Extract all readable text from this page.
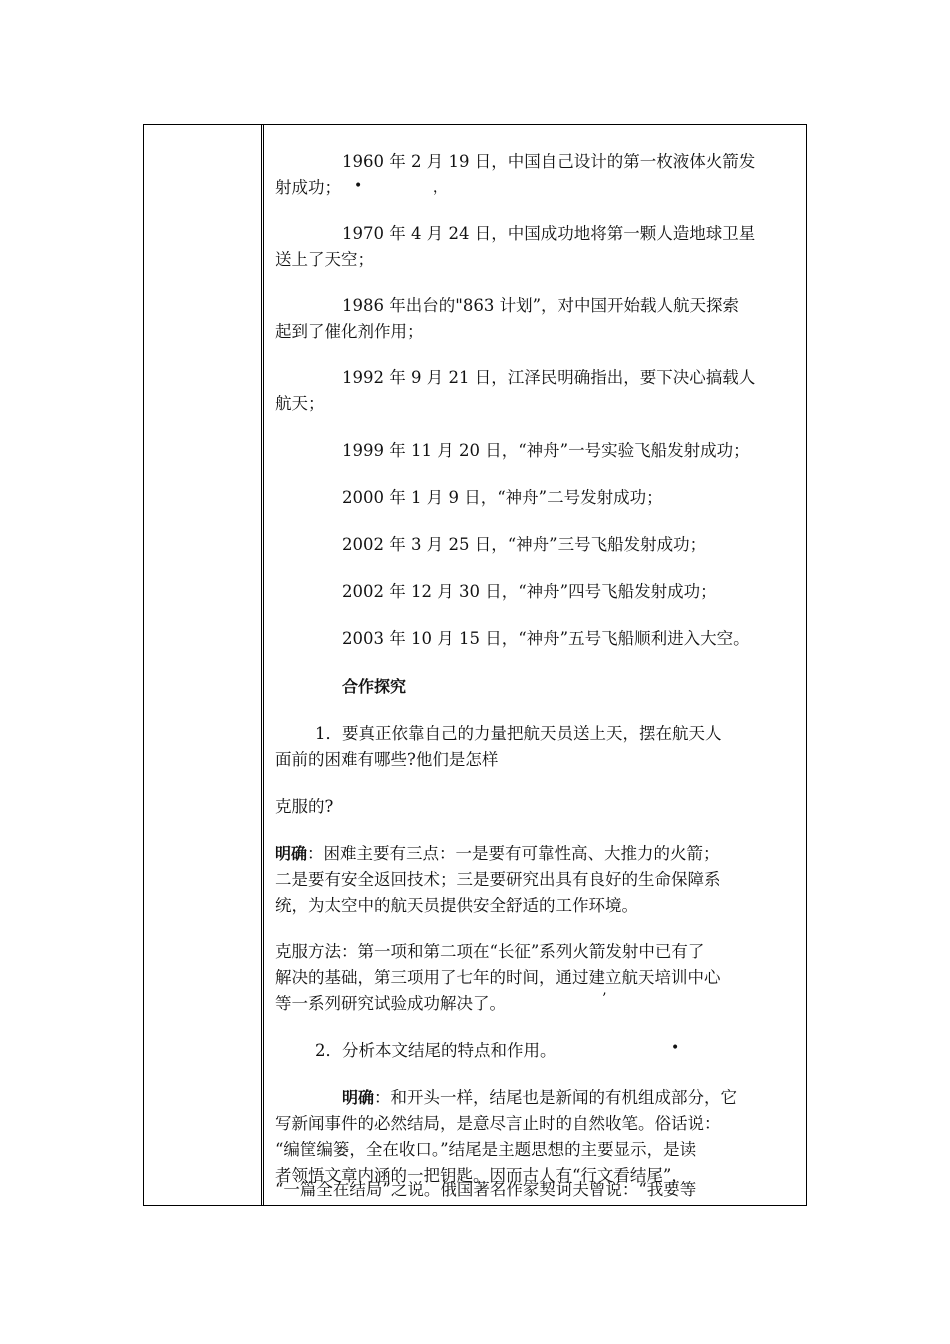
1960 年 2 月 19 日，中国自己设计的第一枚液体火箭发

射成功； •	，

1970 年 4 月 24 日，中国成功地将第一颗人造地球卫星

送上了天空；

1986 年出台的"863 计划”，对中国开始载人航天探索

起到了催化剂作用；

1992 年 9 月 21 日，江泽民明确指出，要下决心搞载人

航天；

1999 年 11 月 20 日，“神舟”一号实验飞船发射成功；

2000 年 1 月 9 日，“神舟”二号发射成功；

2002 年 3 月 25 日，“神舟”三号飞船发射成功；

2002 年 12 月 30 日，“神舟”四号飞船发射成功；

2003 年 10 月 15 日，“神舟”五号飞船顺利进入大空。

合作探究

1．要真正依靠自己的力量把航天员送上天，摆在航天人

面前的困难有哪些?他们是怎样

克服的?

明确：困难主要有三点：一是要有可靠性高、大推力的火箭；

二是要有安全返回技术；三是要研究出具有良好的生命保障系

统，为太空中的航天员提供安全舒适的工作环境。

克服方法：第一项和第二项在“长征”系列火箭发射中已有了

解决的基础，第三项用了七年的时间，通过建立航天培训中心

等一系列研究试验成功解决了。	’

2．分析本文结尾的特点和作用。	•

明确：和开头一样，结尾也是新闻的有机组成部分，它

写新闻事件的必然结局，是意尽言止时的自然收笔。俗话说：

“编筐编篓，全在收口。”结尾是主题思想的主要显示，是读

者领悟文章内涵的一把钥匙。因而古人有“行文看结尾”，

“一篇全在结局”之说。俄国著名作家契诃夫曾说：“我要等
